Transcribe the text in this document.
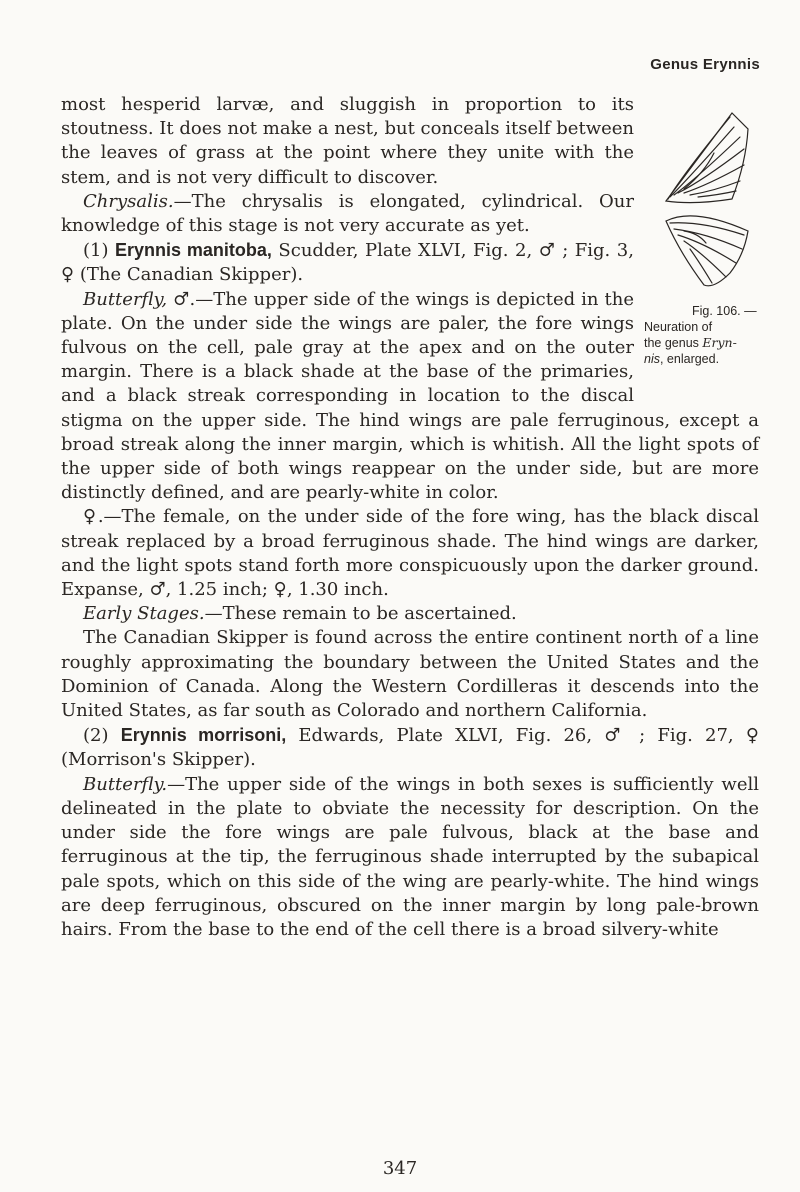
Genus Erynnis

Fig. 106. —
Neuration of
the genus Eryn-
nis, enlarged.
most hesperid larvæ, and sluggish in proportion to its stoutness. It does not make a nest, but conceals itself between the leaves of grass at the point where they unite with the stem, and is not very difficult to discover.

Chrysalis.—The chrysalis is elongated, cylindrical. Our knowledge of this stage is not very accurate as yet.

(1) Erynnis manitoba, Scudder, Plate XLVI, Fig. 2, ♂ ; Fig. 3, ♀ (The Canadian Skipper).

Butterfly, ♂.—The upper side of the wings is depicted in the plate. On the under side the wings are paler, the fore wings fulvous on the cell, pale gray at the apex and on the outer margin. There is a black shade at the base of the primaries, and a black streak corresponding in location to the discal stigma on the upper side. The hind wings are pale ferruginous, except a broad streak along the inner margin, which is whitish. All the light spots of the upper side of both wings reappear on the under side, but are more distinctly defined, and are pearly-white in color.

♀.—The female, on the under side of the fore wing, has the black discal streak replaced by a broad ferruginous shade. The hind wings are darker, and the light spots stand forth more conspicuously upon the darker ground. Expanse, ♂, 1.25 inch; ♀, 1.30 inch.

Early Stages.—These remain to be ascertained.

The Canadian Skipper is found across the entire continent north of a line roughly approximating the boundary between the United States and the Dominion of Canada. Along the Western Cordilleras it descends into the United States, as far south as Colorado and northern California.

(2) Erynnis morrisoni, Edwards, Plate XLVI, Fig. 26, ♂ ; Fig. 27, ♀ (Morrison's Skipper).

Butterfly.—The upper side of the wings in both sexes is sufficiently well delineated in the plate to obviate the necessity for description. On the under side the fore wings are pale fulvous, black at the base and ferruginous at the tip, the ferruginous shade interrupted by the subapical pale spots, which on this side of the wing are pearly-white. The hind wings are deep ferruginous, obscured on the inner margin by long pale-brown hairs. From the base to the end of the cell there is a broad silvery-white

347
